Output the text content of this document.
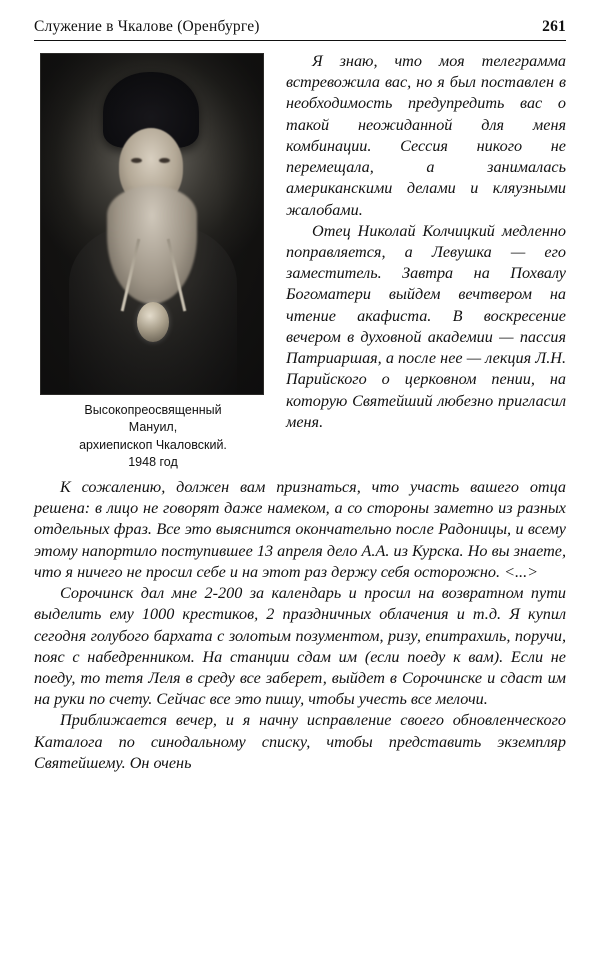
Служение в Чкалове (Оренбурге)	261
Высокопреосвященный
Мануил,
архиепископ Чкаловский.
1948 год

Я знаю, что моя телеграмма встревожила вас, но я был поставлен в необходимость предупредить вас о такой неожиданной для меня комбинации. Сессия никого не перемещала, а занималась американскими делами и кляузными жалобами.

Отец Николай Колчицкий медленно поправляется, а Левушка — его заместитель. Завтра на Похвалу Богоматери выйдем вечтвером на чтение акафиста. В воскресение вечером в духовной академии — пассия Патриаршая, а после нее — лекция Л.Н. Парийского о церковном пении, на которую Святейший любезно пригласил меня.

К сожалению, должен вам признаться, что участь вашего отца решена: в лицо не говорят даже намеком, а со стороны заметно из разных отдельных фраз. Все это выяснится окончательно после Радоницы, и всему этому напортило поступившее 13 апреля дело А.А. из Курска. Но вы знаете, что я ничего не просил себе и на этот раз держу себя осторожно. <...>

Сорочинск дал мне 2-200 за календарь и просил на возвратном пути выделить ему 1000 крестиков, 2 праздничных облачения и т.д. Я купил сегодня голубого бархата с золотым позументом, ризу, епитрахиль, поручи, пояс с набедренником. На станции сдам им (если поеду к вам). Если не поеду, то тетя Леля в среду все заберет, выйдет в Сорочинске и сдаст им на руки по счету. Сейчас все это пишу, чтобы учесть все мелочи.

Приближается вечер, и я начну исправление своего обновленческого Каталога по синодальному списку, чтобы представить экземпляр Святейшему. Он очень
